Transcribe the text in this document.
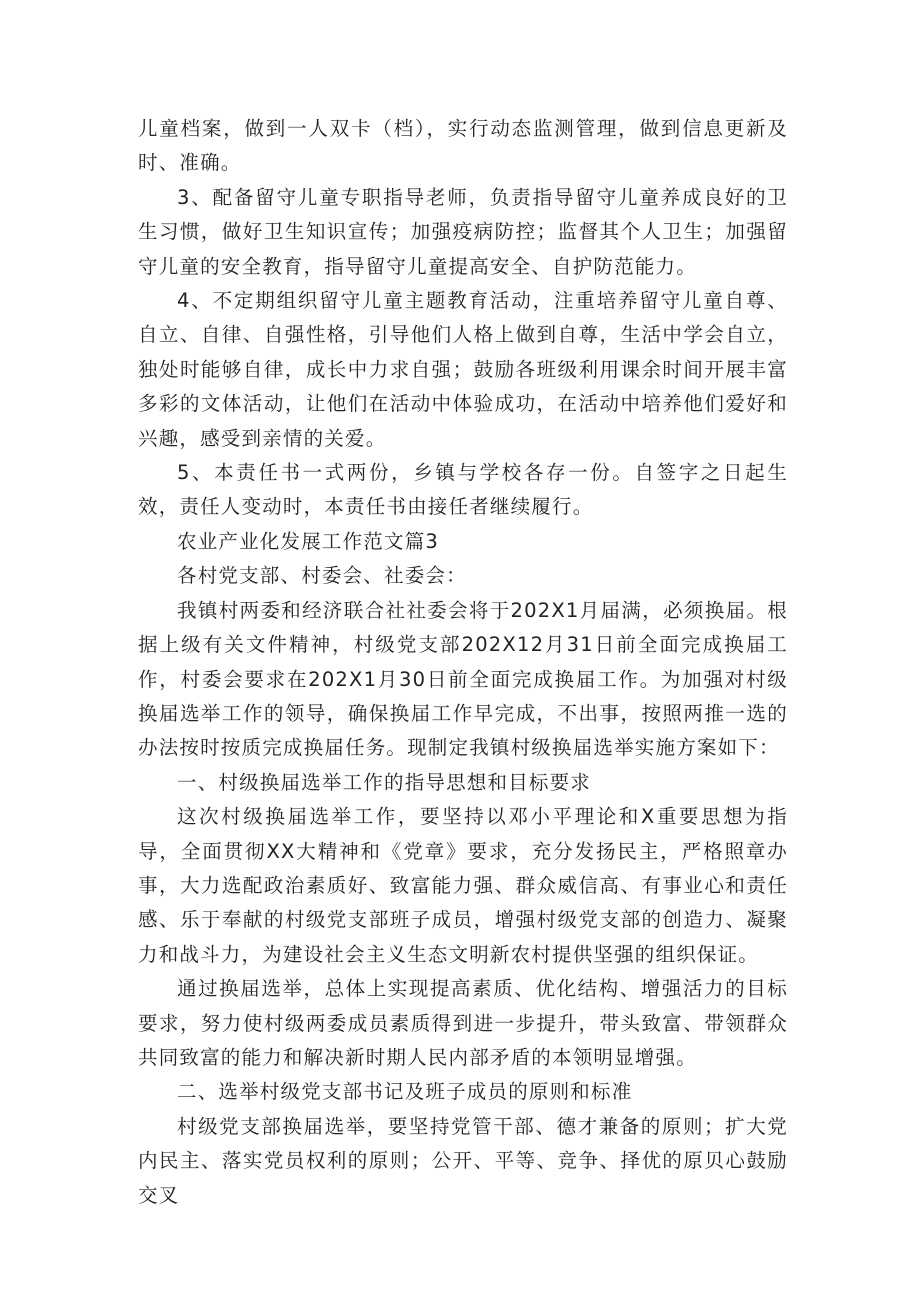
儿童档案，做到一人双卡（档），实行动态监测管理，做到信息更新及时、准确。

3、配备留守儿童专职指导老师，负责指导留守儿童养成良好的卫生习惯，做好卫生知识宣传；加强疫病防控；监督其个人卫生；加强留守儿童的安全教育，指导留守儿童提高安全、自护防范能力。

4、不定期组织留守儿童主题教育活动，注重培养留守儿童自尊、自立、自律、自强性格，引导他们人格上做到自尊，生活中学会自立，独处时能够自律，成长中力求自强；鼓励各班级利用课余时间开展丰富多彩的文体活动，让他们在活动中体验成功，在活动中培养他们爱好和兴趣，感受到亲情的关爱。

5、本责任书一式两份，乡镇与学校各存一份。自签字之日起生效，责任人变动时，本责任书由接任者继续履行。

农业产业化发展工作范文篇3

各村党支部、村委会、社委会：

我镇村两委和经济联合社社委会将于202X1月届满，必须换届。根据上级有关文件精神，村级党支部202X12月31日前全面完成换届工作，村委会要求在202X1月30日前全面完成换届工作。为加强对村级换届选举工作的领导，确保换届工作早完成，不出事，按照两推一选的办法按时按质完成换届任务。现制定我镇村级换届选举实施方案如下：

一、村级换届选举工作的指导思想和目标要求

这次村级换届选举工作，要坚持以邓小平理论和X重要思想为指导，全面贯彻XX大精神和《党章》要求，充分发扬民主，严格照章办事，大力选配政治素质好、致富能力强、群众威信高、有事业心和责任感、乐于奉献的村级党支部班子成员，增强村级党支部的创造力、凝聚力和战斗力，为建设社会主义生态文明新农村提供坚强的组织保证。

通过换届选举，总体上实现提高素质、优化结构、增强活力的目标要求，努力使村级两委成员素质得到进一步提升，带头致富、带领群众共同致富的能力和解决新时期人民内部矛盾的本领明显增强。

二、选举村级党支部书记及班子成员的原则和标准

村级党支部换届选举，要坚持党管干部、德才兼备的原则；扩大党内民主、落实党员权利的原则；公开、平等、竞争、择优的原贝心鼓励交叉
